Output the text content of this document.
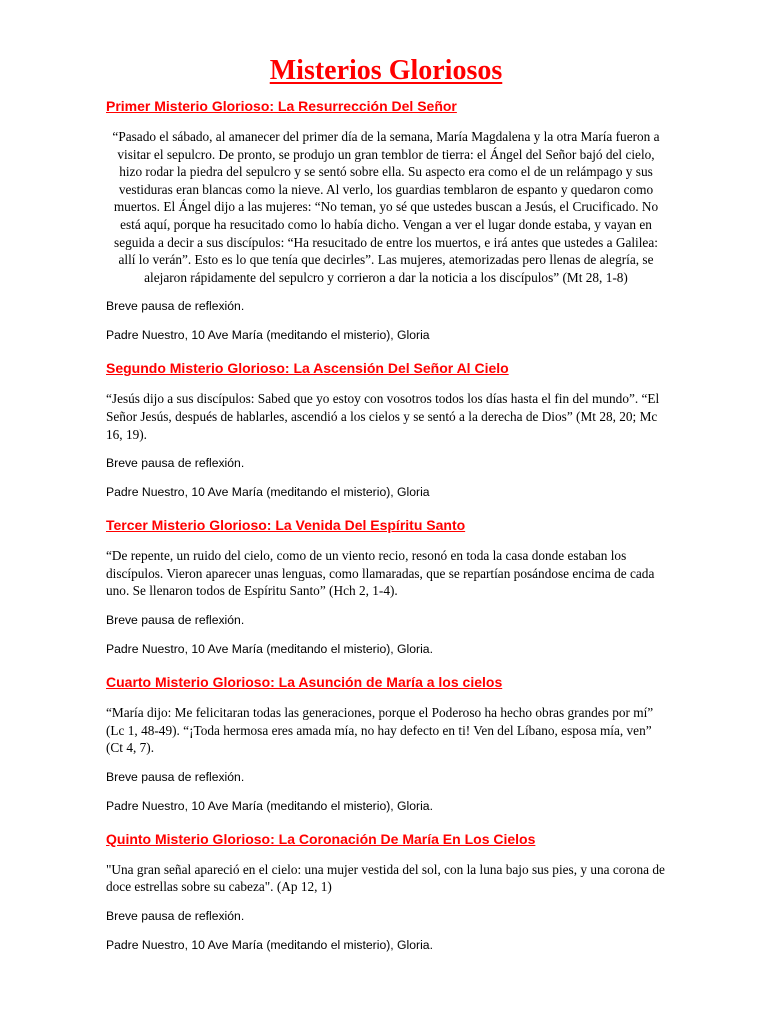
Misterios Gloriosos
Primer Misterio Glorioso: La Resurrección Del Señor

“Pasado el sábado, al amanecer del primer día de la semana, María Magdalena y la otra María fueron a visitar el sepulcro. De pronto, se produjo un gran temblor de tierra: el Ángel del Señor bajó del cielo, hizo rodar la piedra del sepulcro y se sentó sobre ella. Su aspecto era como el de un relámpago y sus vestiduras eran blancas como la nieve. Al verlo, los guardias temblaron de espanto y quedaron como muertos. El Ángel dijo a las mujeres: “No teman, yo sé que ustedes buscan a Jesús, el Crucificado. No está aquí, porque ha resucitado como lo había dicho. Vengan a ver el lugar donde estaba, y vayan en seguida a decir a sus discípulos: “Ha resucitado de entre los muertos, e irá antes que ustedes a Galilea: allí lo verán”. Esto es lo que tenía que decirles”. Las mujeres, atemorizadas pero llenas de alegría, se alejaron rápidamente del sepulcro y corrieron a dar la noticia a los discípulos” (Mt 28, 1-8)

Breve pausa de reflexión.

Padre Nuestro, 10 Ave María (meditando el misterio), Gloria

Segundo Misterio Glorioso: La Ascensión Del Señor Al Cielo

“Jesús dijo a sus discípulos: Sabed que yo estoy con vosotros todos los días hasta el fin del mundo”. “El Señor Jesús, después de hablarles, ascendió a los cielos y se sentó a la derecha de Dios” (Mt 28, 20; Mc 16, 19).

Breve pausa de reflexión.

Padre Nuestro, 10 Ave María (meditando el misterio), Gloria

Tercer Misterio Glorioso: La Venida Del Espíritu Santo

“De repente, un ruido del cielo, como de un viento recio, resonó en toda la casa donde estaban los discípulos. Vieron aparecer unas lenguas, como llamaradas, que se repartían posándose encima de cada uno. Se llenaron todos de Espíritu Santo” (Hch 2, 1-4).

Breve pausa de reflexión.

Padre Nuestro, 10 Ave María (meditando el misterio), Gloria.

Cuarto Misterio Glorioso: La Asunción de María a los cielos

“María dijo: Me felicitaran todas las generaciones, porque el Poderoso ha hecho obras grandes por mí” (Lc 1, 48-49). “¡Toda hermosa eres amada mía, no hay defecto en ti! Ven del Líbano, esposa mía, ven” (Ct 4, 7).

Breve pausa de reflexión.

Padre Nuestro, 10 Ave María (meditando el misterio), Gloria.

Quinto Misterio Glorioso: La Coronación De María En Los Cielos

"Una gran señal apareció en el cielo: una mujer vestida del sol, con la luna bajo sus pies, y una corona de doce estrellas sobre su cabeza". (Ap 12, 1)

Breve pausa de reflexión.

Padre Nuestro, 10 Ave María (meditando el misterio), Gloria.
